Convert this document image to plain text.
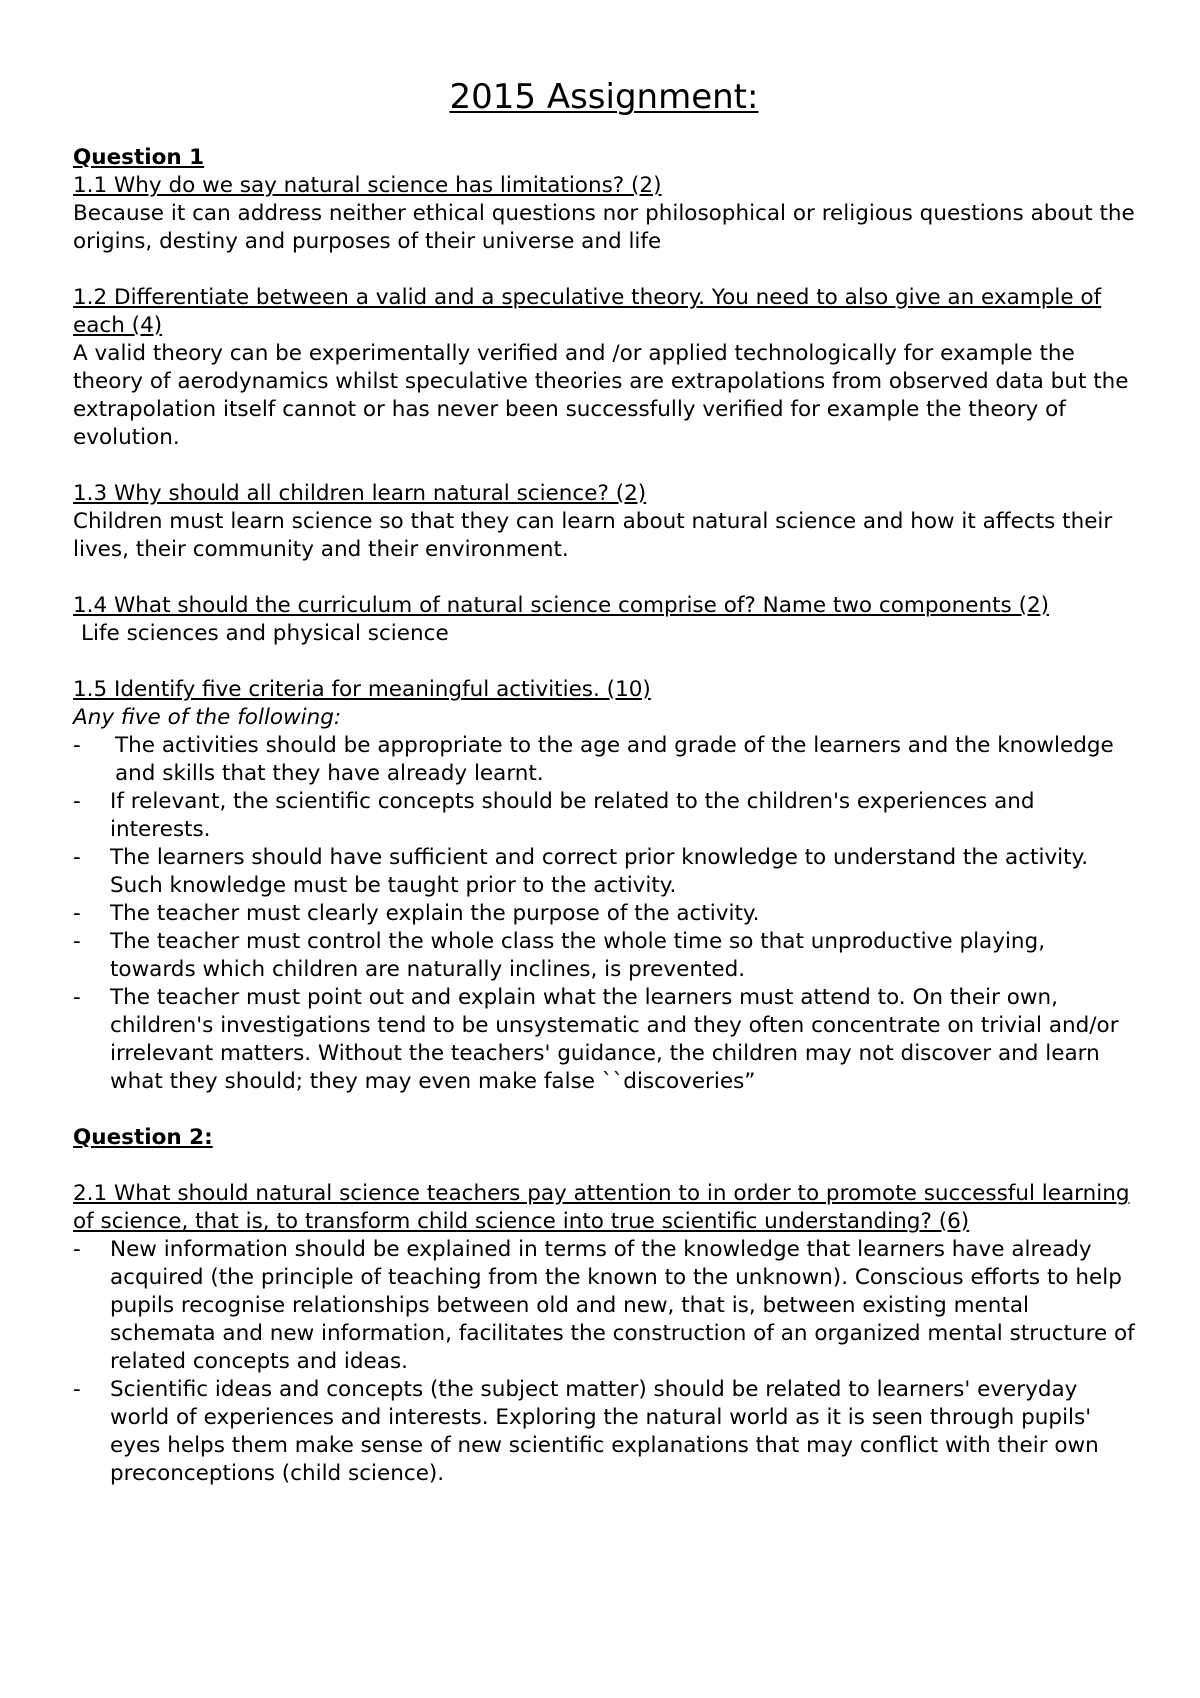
2015 Assignment:

Question 1

1.1 Why do we say natural science has limitations? (2)

Because it can address neither ethical questions nor philosophical or religious questions about the origins, destiny and purposes of their universe and life

1.2 Differentiate between a valid and a speculative theory. You need to also give an example of each (4)

A valid theory can be experimentally verified and /or applied technologically for example the theory of aerodynamics whilst speculative theories are extrapolations from observed data but the extrapolation itself cannot or has never been successfully verified for example the theory of evolution.

1.3 Why should all children learn natural science? (2)

Children must learn science so that they can learn about natural science and how it affects their lives, their community and their environment.

1.4 What should the curriculum of natural science comprise of? Name two components (2)

Life sciences and physical science

1.5 Identify five criteria for meaningful activities. (10)

Any five of the following:

- The activities should be appropriate to the age and grade of the learners and the knowledge and skills that they have already learnt.
- If relevant, the scientific concepts should be related to the children's experiences and interests.
- The learners should have sufficient and correct prior knowledge to understand the activity. Such knowledge must be taught prior to the activity.
- The teacher must clearly explain the purpose of the activity.
- The teacher must control the whole class the whole time so that unproductive playing, towards which children are naturally inclines, is prevented.
- The teacher must point out and explain what the learners must attend to. On their own, children's investigations tend to be unsystematic and they often concentrate on trivial and/or irrelevant matters. Without the teachers' guidance, the children may not discover and learn what they should; they may even make false ``discoveries”

Question 2:

2.1 What should natural science teachers pay attention to in order to promote successful learning of science, that is, to transform child science into true scientific understanding? (6)

- New information should be explained in terms of the knowledge that learners have already acquired (the principle of teaching from the known to the unknown). Conscious efforts to help pupils recognise relationships between old and new, that is, between existing mental schemata and new information, facilitates the construction of an organized mental structure of related concepts and ideas.
- Scientific ideas and concepts (the subject matter) should be related to learners' everyday world of experiences and interests. Exploring the natural world as it is seen through pupils' eyes helps them make sense of new scientific explanations that may conflict with their own preconceptions (child science).
